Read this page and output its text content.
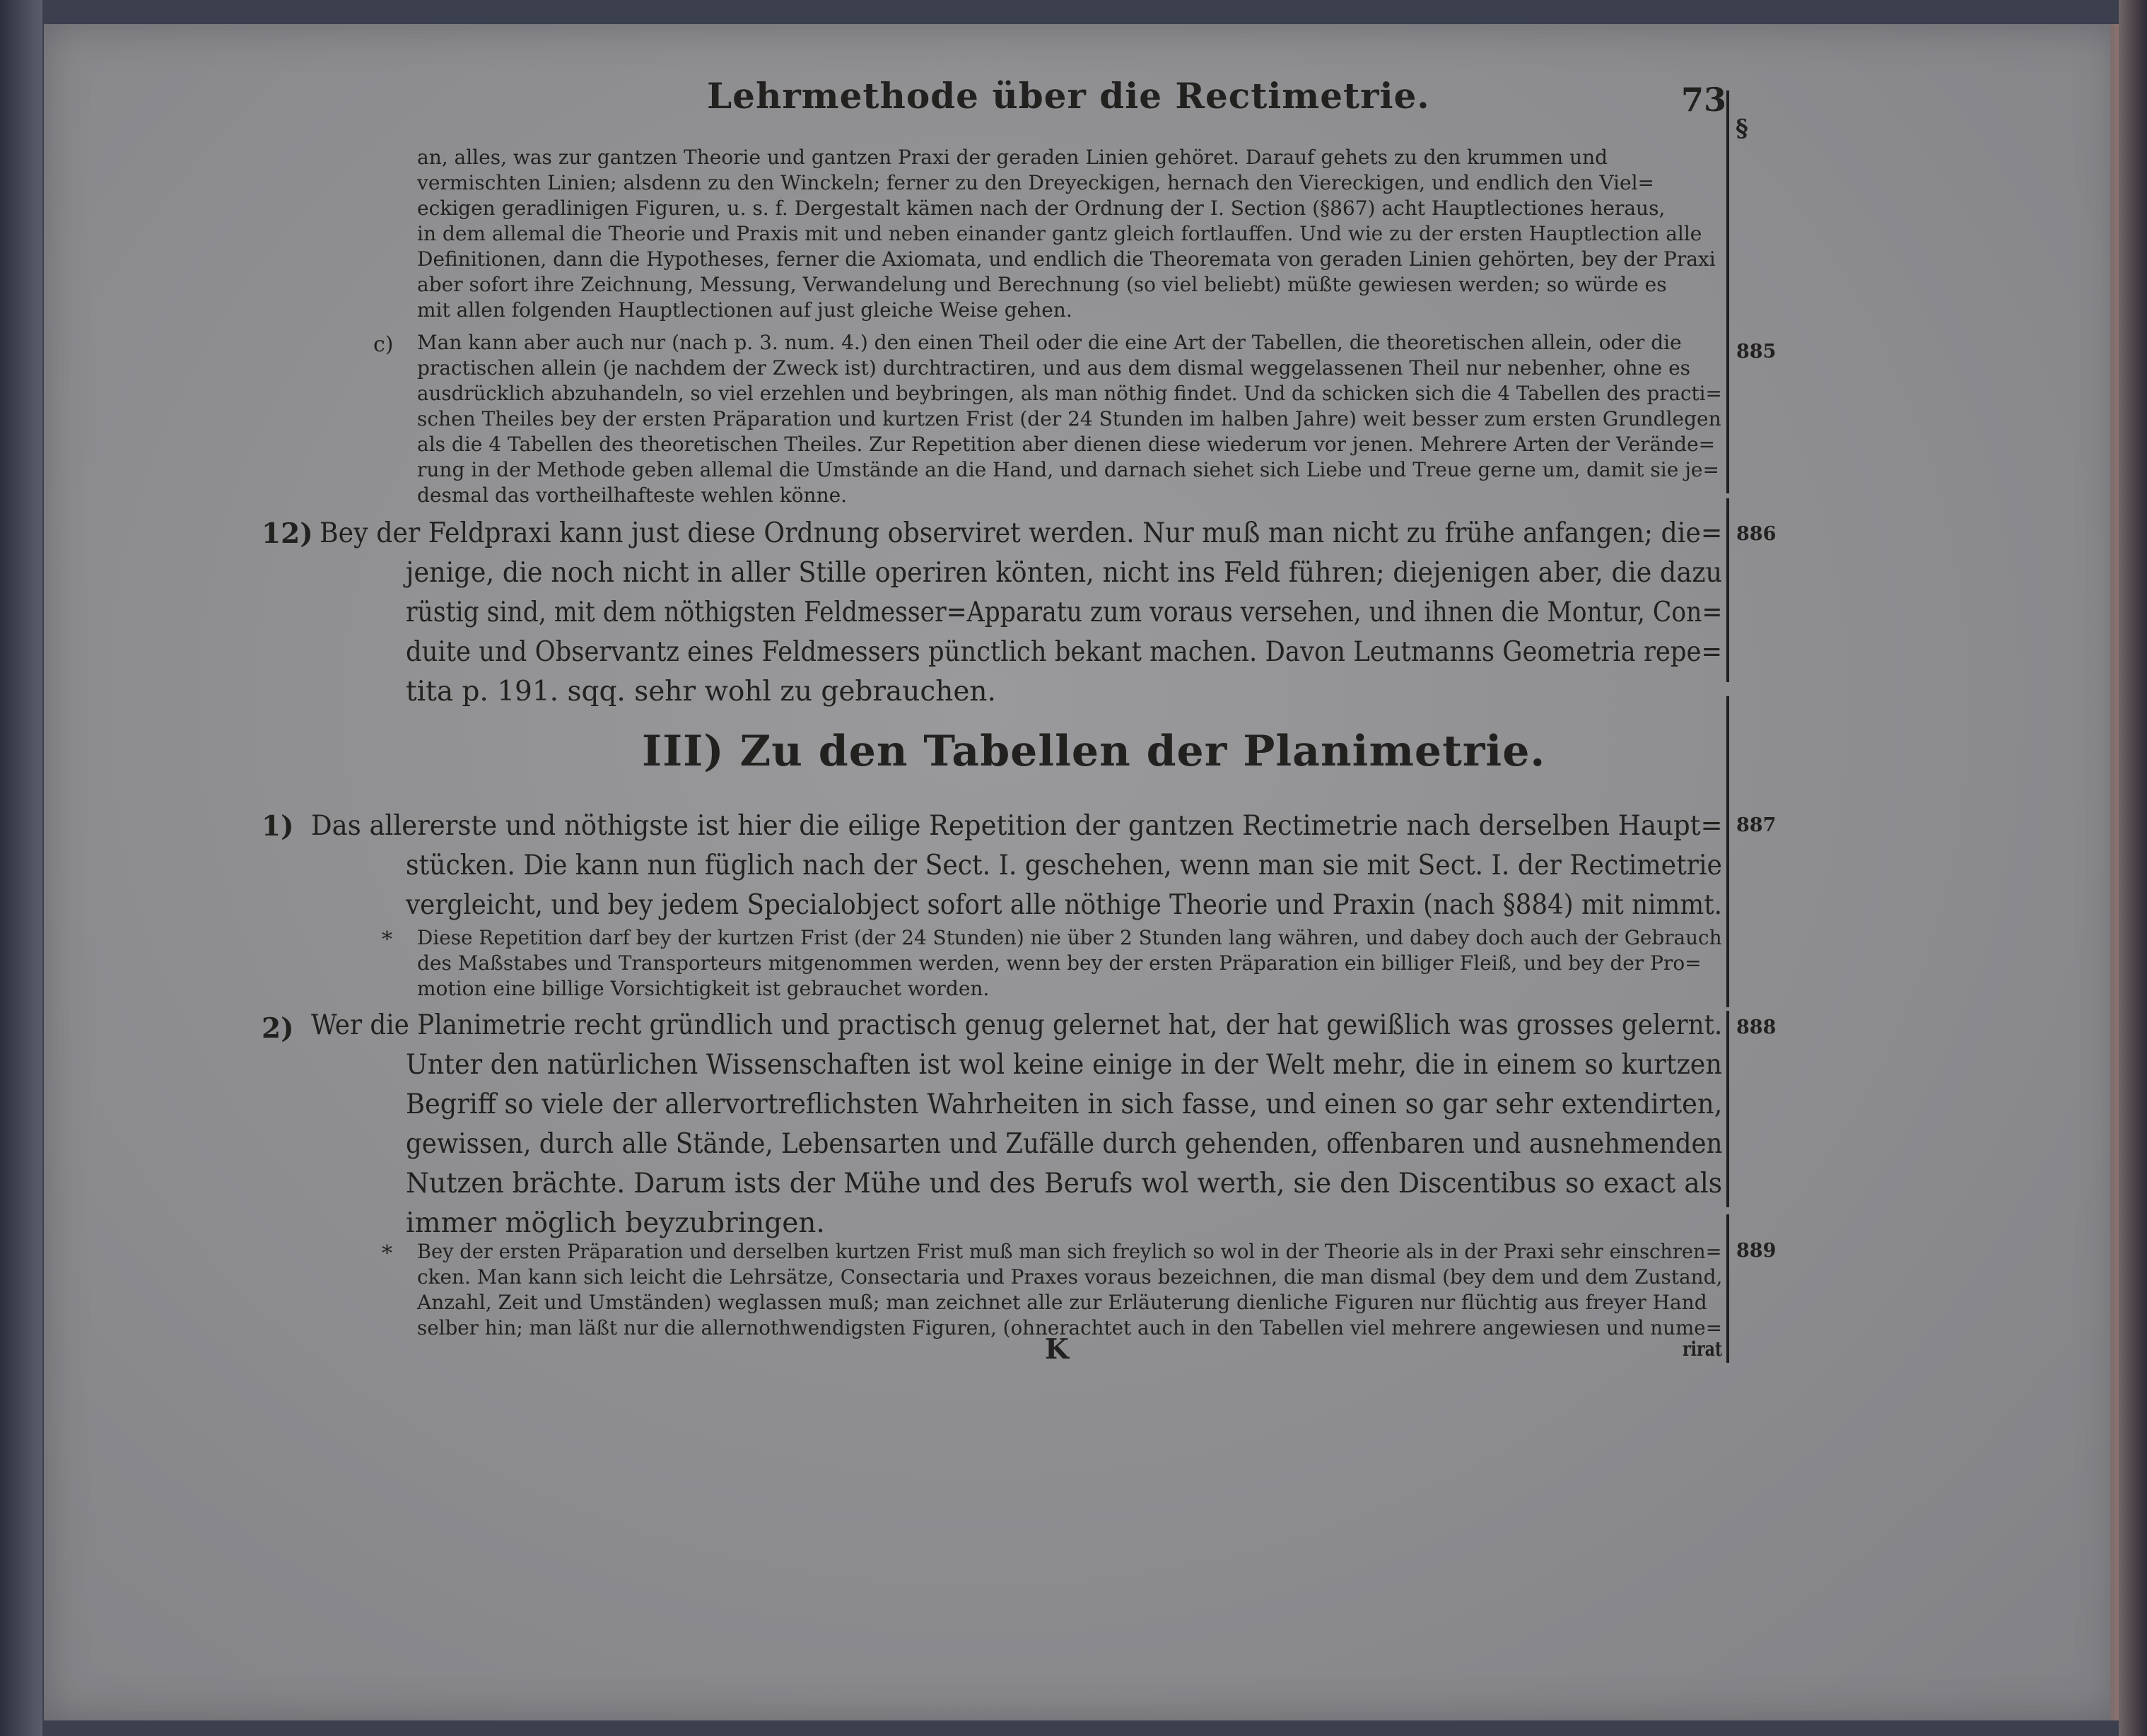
Lehrmethode über die Rectimetrie.	73
§
an, alles, was zur gantzen Theorie und gantzen Praxi der geraden Linien gehöret. Darauf gehets zu den krummen und
vermischten Linien; alsdenn zu den Winckeln; ferner zu den Dreyeckigen, hernach den Viereckigen, und endlich den Viel=
eckigen geradlinigen Figuren, u. s. f. Dergestalt kämen nach der Ordnung der I. Section (§867) acht Hauptlectiones heraus,
in dem allemal die Theorie und Praxis mit und neben einander gantz gleich fortlauffen. Und wie zu der ersten Hauptlection alle
Definitionen, dann die Hypotheses, ferner die Axiomata, und endlich die Theoremata von geraden Linien gehörten, bey der Praxi
aber sofort ihre Zeichnung, Messung, Verwandelung und Berechnung (so viel beliebt) müßte gewiesen werden; so würde es
mit allen folgenden Hauptlectionen auf just gleiche Weise gehen.
c)	885
Man kann aber auch nur (nach p. 3. num. 4.) den einen Theil oder die eine Art der Tabellen, die theoretischen allein, oder die
practischen allein (je nachdem der Zweck ist) durchtractiren, und aus dem dismal weggelassenen Theil nur nebenher, ohne es
ausdrücklich abzuhandeln, so viel erzehlen und beybringen, als man nöthig findet. Und da schicken sich die 4 Tabellen des practi=
schen Theiles bey der ersten Präparation und kurtzen Frist (der 24 Stunden im halben Jahre) weit besser zum ersten Grundlegen
als die 4 Tabellen des theoretischen Theiles. Zur Repetition aber dienen diese wiederum vor jenen. Mehrere Arten der Verände=
rung in der Methode geben allemal die Umstände an die Hand, und darnach siehet sich Liebe und Treue gerne um, damit sie je=
desmal das vortheilhafteste wehlen könne.
12)	886
Bey der Feldpraxi kann just diese Ordnung observiret werden. Nur muß man nicht zu frühe anfangen; die=
jenige, die noch nicht in aller Stille operiren könten, nicht ins Feld führen; diejenigen aber, die dazu
rüstig sind, mit dem nöthigsten Feldmesser=Apparatu zum voraus versehen, und ihnen die Montur, Con=
duite und Observantz eines Feldmessers pünctlich bekant machen. Davon Leutmanns Geometria repe=
tita p. 191. sqq. sehr wohl zu gebrauchen.
III) Zu den Tabellen der Planimetrie.
1)	887
Das allererste und nöthigste ist hier die eilige Repetition der gantzen Rectimetrie nach derselben Haupt=
stücken. Die kann nun füglich nach der Sect. I. geschehen, wenn man sie mit Sect. I. der Rectimetrie
vergleicht, und bey jedem Specialobject sofort alle nöthige Theorie und Praxin (nach §884) mit nimmt.
* Diese Repetition darf bey der kurtzen Frist (der 24 Stunden) nie über 2 Stunden lang währen, und dabey doch auch der Gebrauch
des Maßstabes und Transporteurs mitgenommen werden, wenn bey der ersten Präparation ein billiger Fleiß, und bey der Pro=
motion eine billige Vorsichtigkeit ist gebrauchet worden.
2)	888
Wer die Planimetrie recht gründlich und practisch genug gelernet hat, der hat gewißlich was grosses gelernt.
Unter den natürlichen Wissenschaften ist wol keine einige in der Welt mehr, die in einem so kurtzen
Begriff so viele der allervortreflichsten Wahrheiten in sich fasse, und einen so gar sehr extendirten,
gewissen, durch alle Stände, Lebensarten und Zufälle durch gehenden, offenbaren und ausnehmenden
Nutzen brächte. Darum ists der Mühe und des Berufs wol werth, sie den Discentibus so exact als
immer möglich beyzubringen.
*	889
Bey der ersten Präparation und derselben kurtzen Frist muß man sich freylich so wol in der Theorie als in der Praxi sehr einschren=
cken. Man kann sich leicht die Lehrsätze, Consectaria und Praxes voraus bezeichnen, die man dismal (bey dem und dem Zustand,
Anzahl, Zeit und Umständen) weglassen muß; man zeichnet alle zur Erläuterung dienliche Figuren nur flüchtig aus freyer Hand
selber hin; man läßt nur die allernothwendigsten Figuren, (ohnerachtet auch in den Tabellen viel mehrere angewiesen und nume=
K	rirat
